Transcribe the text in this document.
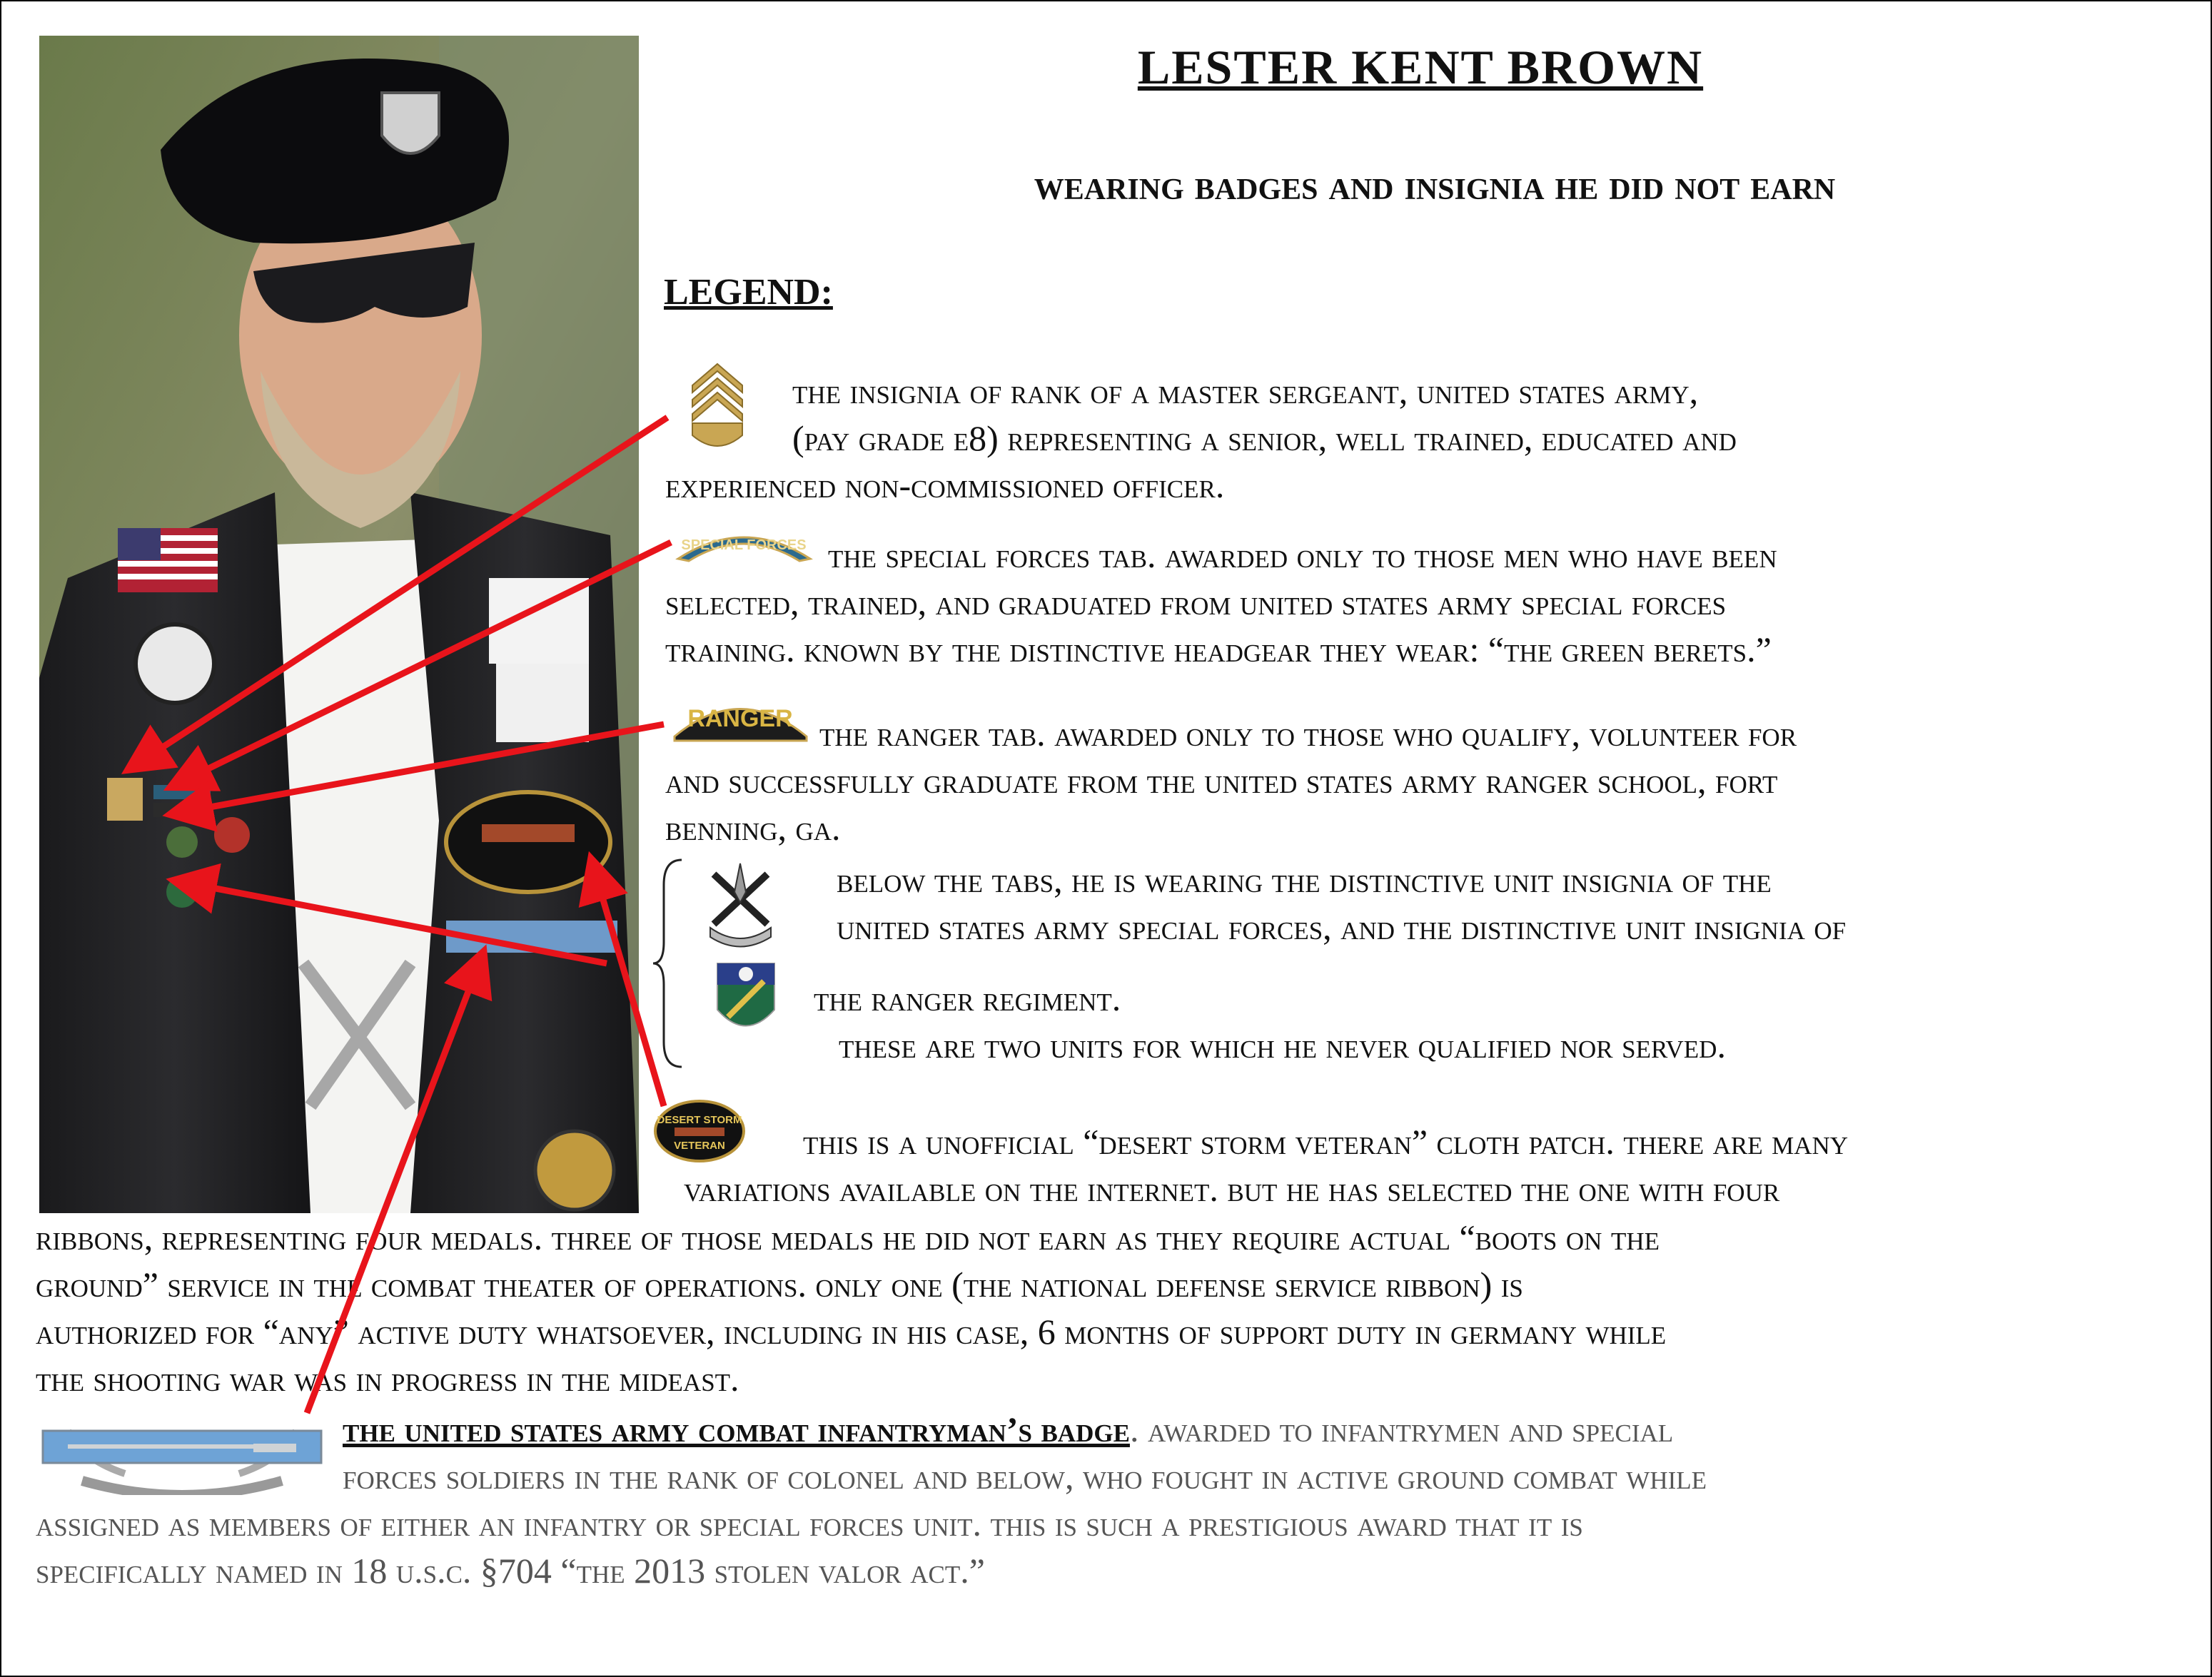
LESTER KENT BROWN
wearing badges and insignia he did not earn
LEGEND:
the insignia of rank of a master sergeant, united states army,
(pay grade e8) representing a senior, well trained, educated and
experienced non-commissioned officer.
SPECIAL FORCES the special forces tab. awarded only to those men who have been
selected, trained, and graduated from united states army special forces
training. known by the distinctive headgear they wear: “the green berets.”
RANGER the ranger tab. awarded only to those who qualify, volunteer for
and successfully graduate from the united states army ranger school, fort
benning, ga.
below the tabs, he is wearing the distinctive unit insignia of the
united states army special forces, and the distinctive unit insignia of
the ranger regiment.
these are two units for which he never qualified nor served.
DESERT STORM
VETERAN this is a unofficial “desert storm veteran” cloth patch. there are many
variations available on the internet. but he has selected the one with four
ribbons, representing four medals. three of those medals he did not earn as they require actual “boots on the
ground” service in the combat theater of operations. only one (the national defense service ribbon) is
authorized for “any” active duty whatsoever, including in his case, 6 months of support duty in germany while
the shooting war was in progress in the mideast.
the united states army combat infantryman’s badge. awarded to infantrymen and special
forces soldiers in the rank of colonel and below, who fought in active ground combat while
assigned as members of either an infantry or special forces unit. this is such a prestigious award that it is
specifically named in 18 u.s.c. §704 “the 2013 stolen valor act.”
